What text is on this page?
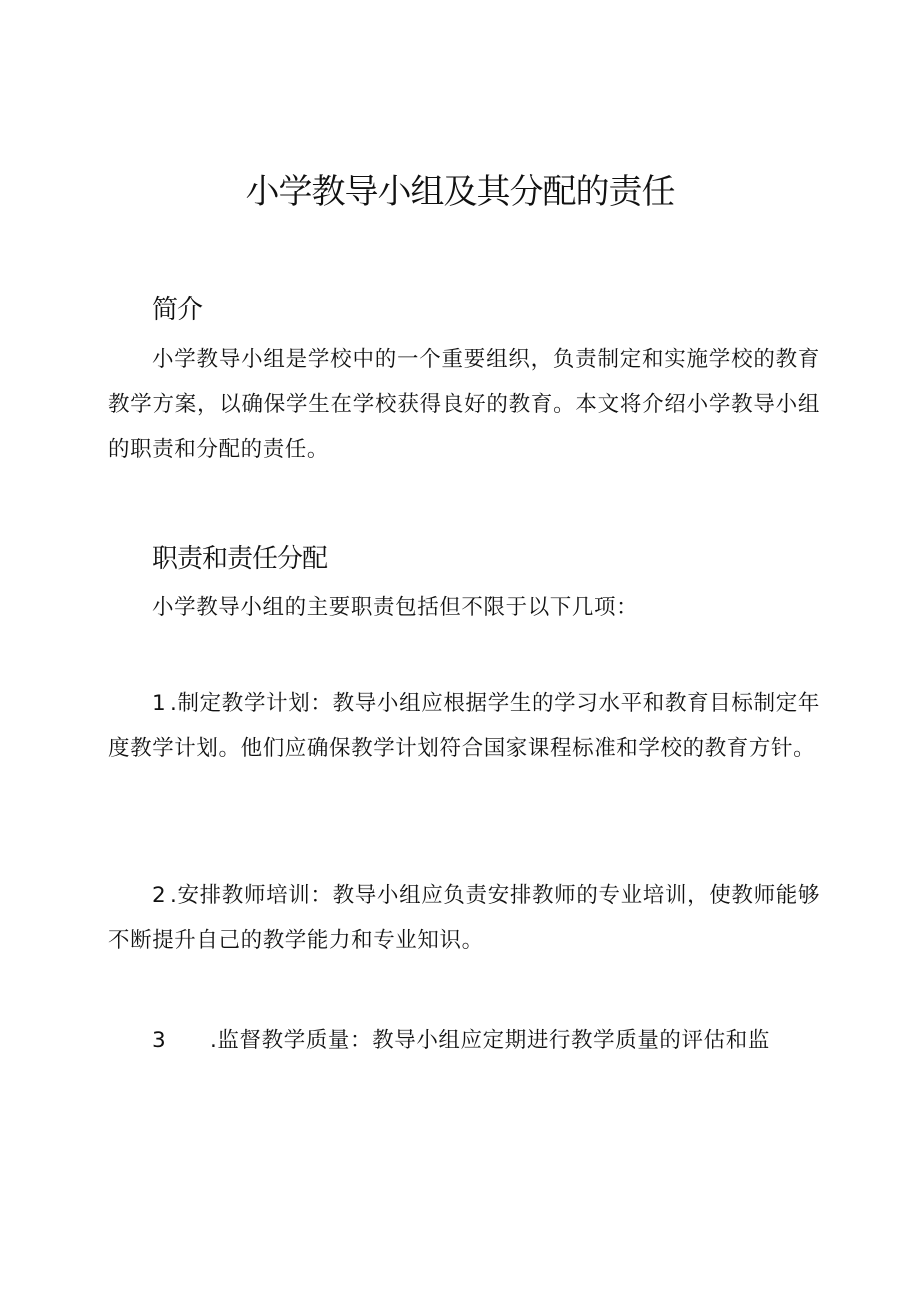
小学教导小组及其分配的责任
简介

小学教导小组是学校中的一个重要组织，负责制定和实施学校的教育教学方案，以确保学生在学校获得良好的教育。本文将介绍小学教导小组的职责和分配的责任。

职责和责任分配

小学教导小组的主要职责包括但不限于以下几项：

1 .制定教学计划：教导小组应根据学生的学习水平和教育目标制定年度教学计划。他们应确保教学计划符合国家课程标准和学校的教育方针。

2 .安排教师培训：教导小组应负责安排教师的专业培训，使教师能够不断提升自己的教学能力和专业知识。

3 .监督教学质量：教导小组应定期进行教学质量的评估和监
